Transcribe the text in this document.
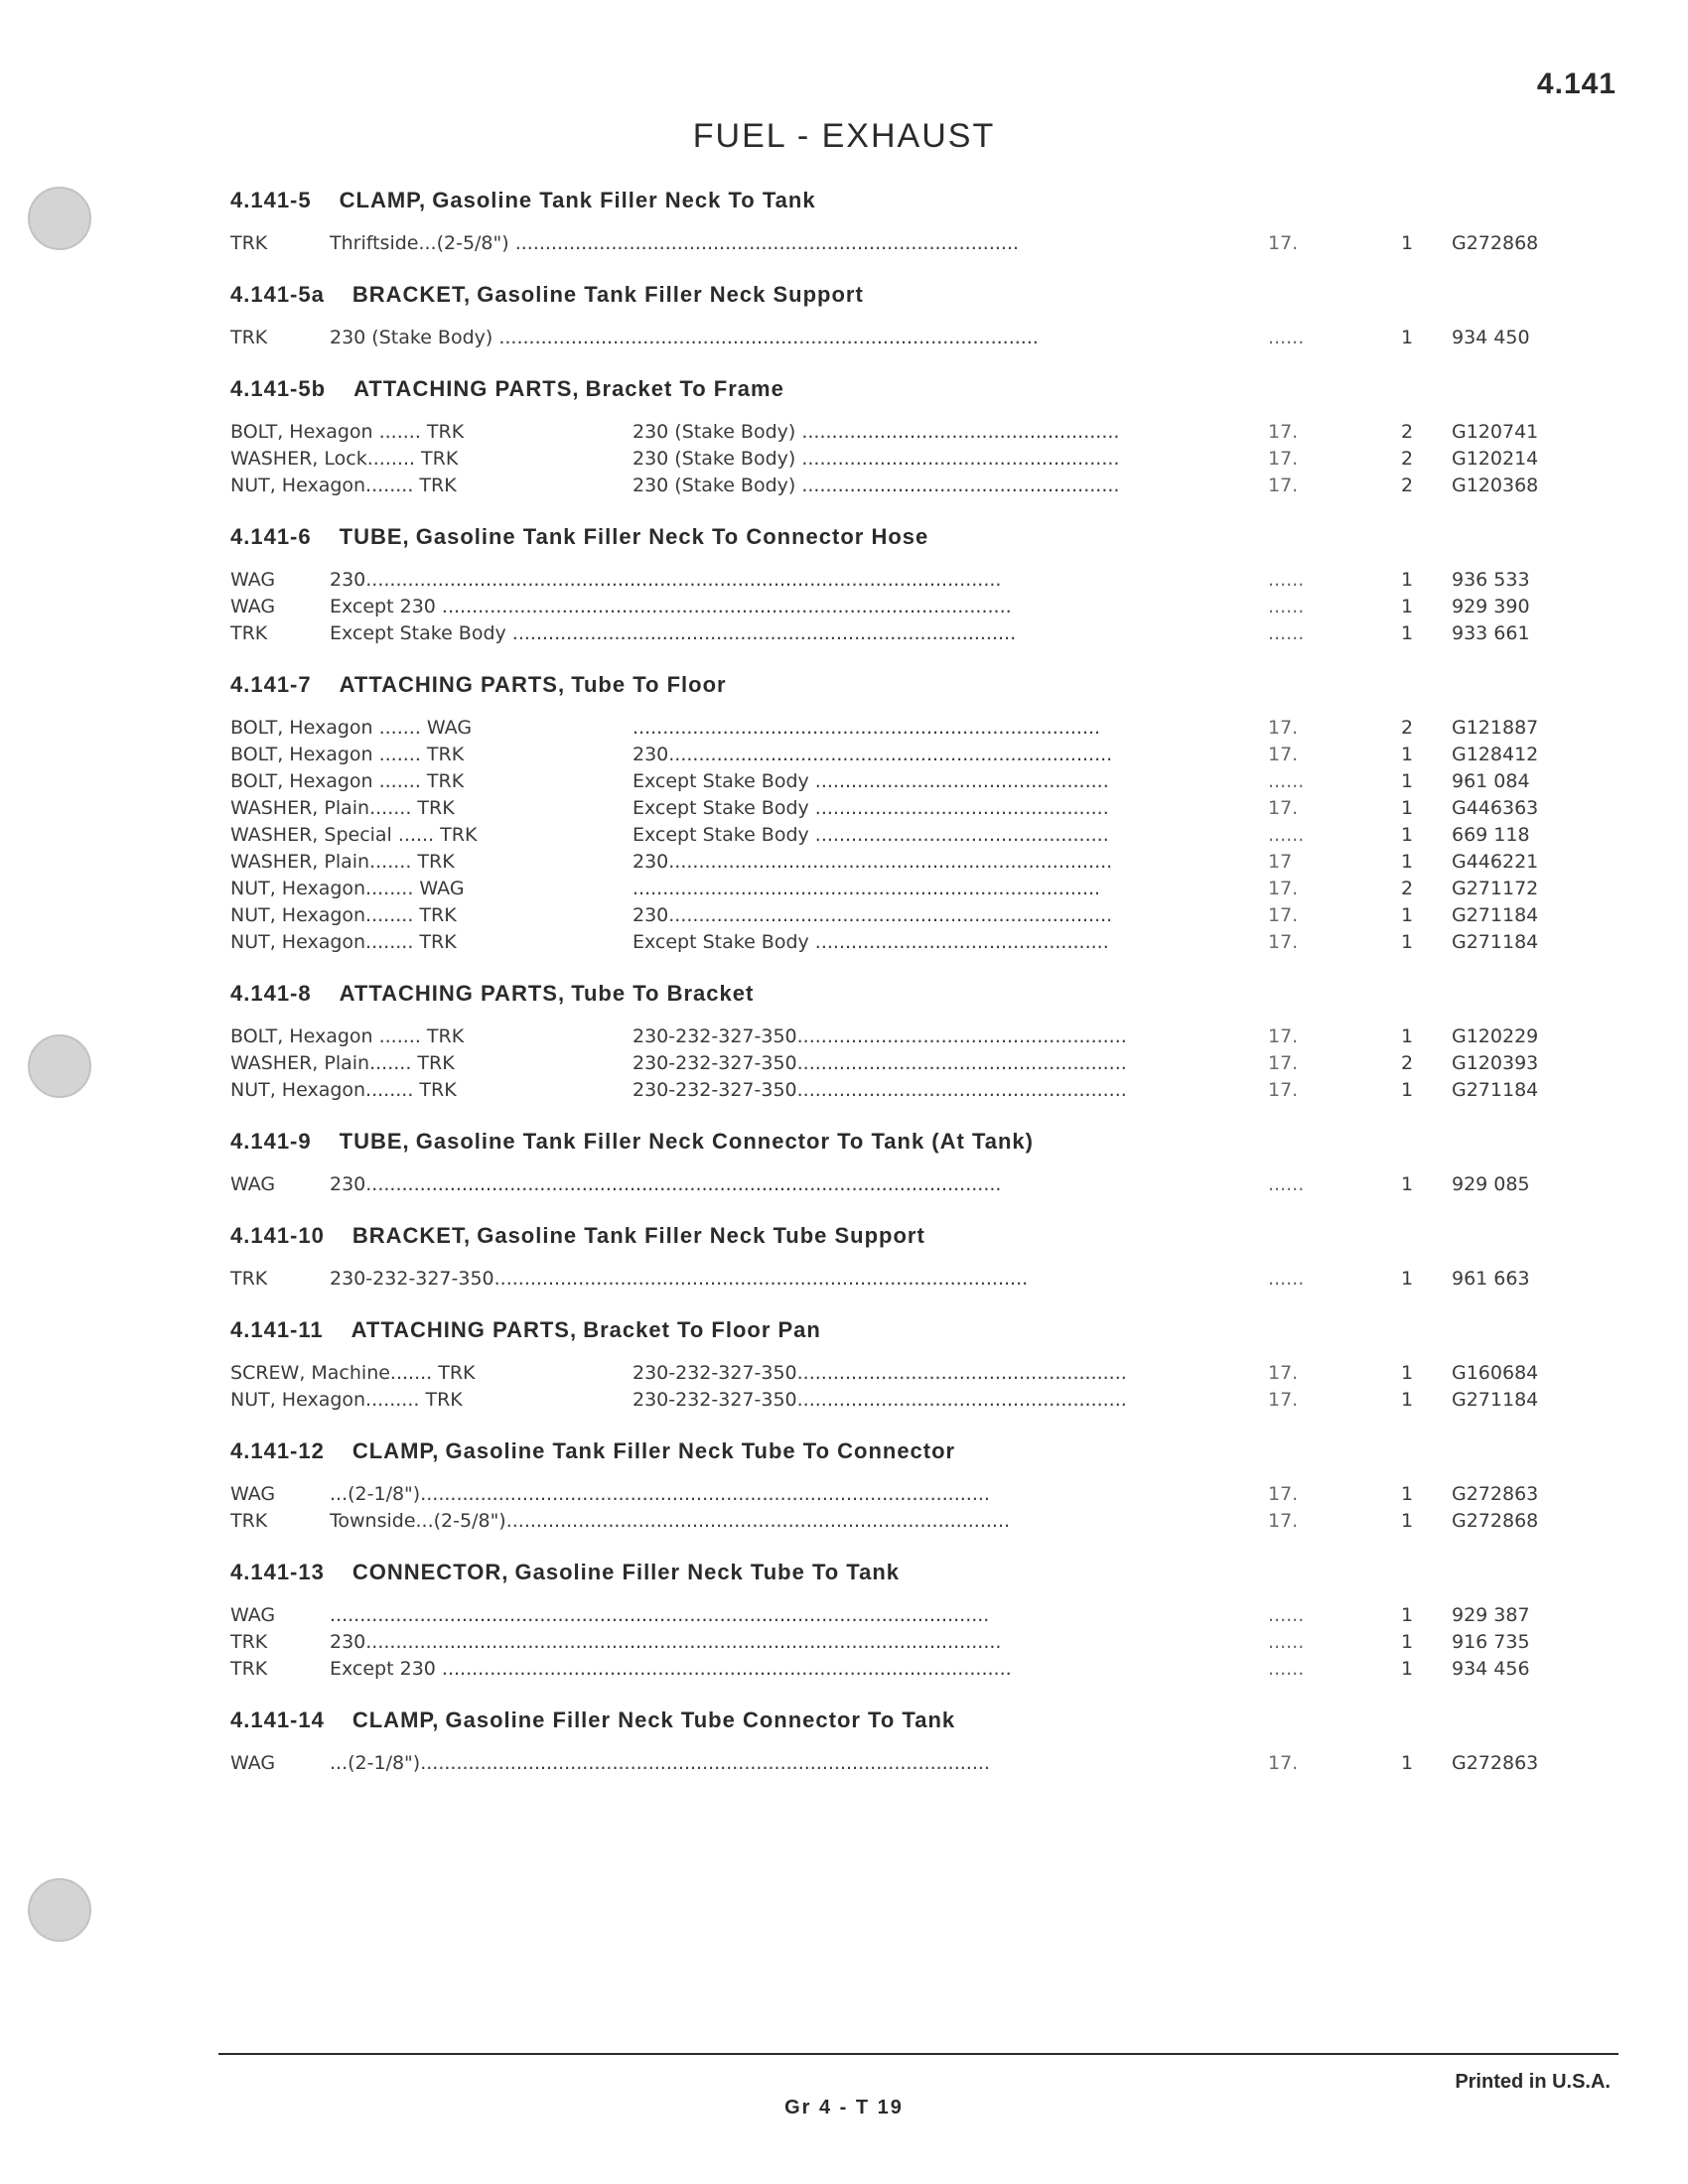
4.141
FUEL - EXHAUST
4.141-5 CLAMP, Gasoline Tank Filler Neck To Tank
TRK	Thriftside...(2-5/8") ....................................................................................	17.	1	G272868
4.141-5a BRACKET, Gasoline Tank Filler Neck Support
TRK	230 (Stake Body) ..........................................................................................	......	1	934 450
4.141-5b ATTACHING PARTS, Bracket To Frame
BOLT, Hexagon ....... TRK	230 (Stake Body) .....................................................	17.	2	G120741
WASHER, Lock........ TRK	230 (Stake Body) .....................................................	17.	2	G120214
NUT, Hexagon........ TRK	230 (Stake Body) .....................................................	17.	2	G120368
4.141-6 TUBE, Gasoline Tank Filler Neck To Connector Hose
WAG	230..........................................................................................................	......	1	936 533
WAG	Except 230 ...............................................................................................	......	1	929 390
TRK	Except Stake Body ....................................................................................	......	1	933 661
4.141-7 ATTACHING PARTS, Tube To Floor
BOLT, Hexagon ....... WAG	..............................................................................	17.	2	G121887
BOLT, Hexagon ....... TRK	230..........................................................................	17.	1	G128412
BOLT, Hexagon ....... TRK	Except Stake Body .................................................	......	1	961 084
WASHER, Plain....... TRK	Except Stake Body .................................................	17.	1	G446363
WASHER, Special ...... TRK	Except Stake Body .................................................	......	1	669 118
WASHER, Plain....... TRK	230..........................................................................	17	1	G446221
NUT, Hexagon........ WAG	..............................................................................	17.	2	G271172
NUT, Hexagon........ TRK	230..........................................................................	17.	1	G271184
NUT, Hexagon........ TRK	Except Stake Body .................................................	17.	1	G271184
4.141-8 ATTACHING PARTS, Tube To Bracket
BOLT, Hexagon ....... TRK	230-232-327-350.......................................................	17.	1	G120229
WASHER, Plain....... TRK	230-232-327-350.......................................................	17.	2	G120393
NUT, Hexagon........ TRK	230-232-327-350.......................................................	17.	1	G271184
4.141-9 TUBE, Gasoline Tank Filler Neck Connector To Tank (At Tank)
WAG	230..........................................................................................................	......	1	929 085
4.141-10 BRACKET, Gasoline Tank Filler Neck Tube Support
TRK	230-232-327-350.........................................................................................	......	1	961 663
4.141-11 ATTACHING PARTS, Bracket To Floor Pan
SCREW, Machine....... TRK	230-232-327-350.......................................................	17.	1	G160684
NUT, Hexagon......... TRK	230-232-327-350.......................................................	17.	1	G271184
4.141-12 CLAMP, Gasoline Tank Filler Neck Tube To Connector
WAG	...(2-1/8")...............................................................................................	17.	1	G272863
TRK	Townside...(2-5/8")....................................................................................	17.	1	G272868
4.141-13 CONNECTOR, Gasoline Filler Neck Tube To Tank
WAG	..............................................................................................................	......	1	929 387
TRK	230..........................................................................................................	......	1	916 735
TRK	Except 230 ...............................................................................................	......	1	934 456
4.141-14 CLAMP, Gasoline Filler Neck Tube Connector To Tank
WAG	...(2-1/8")...............................................................................................	17.	1	G272863
Printed in U.S.A.
Gr 4 - T 19
